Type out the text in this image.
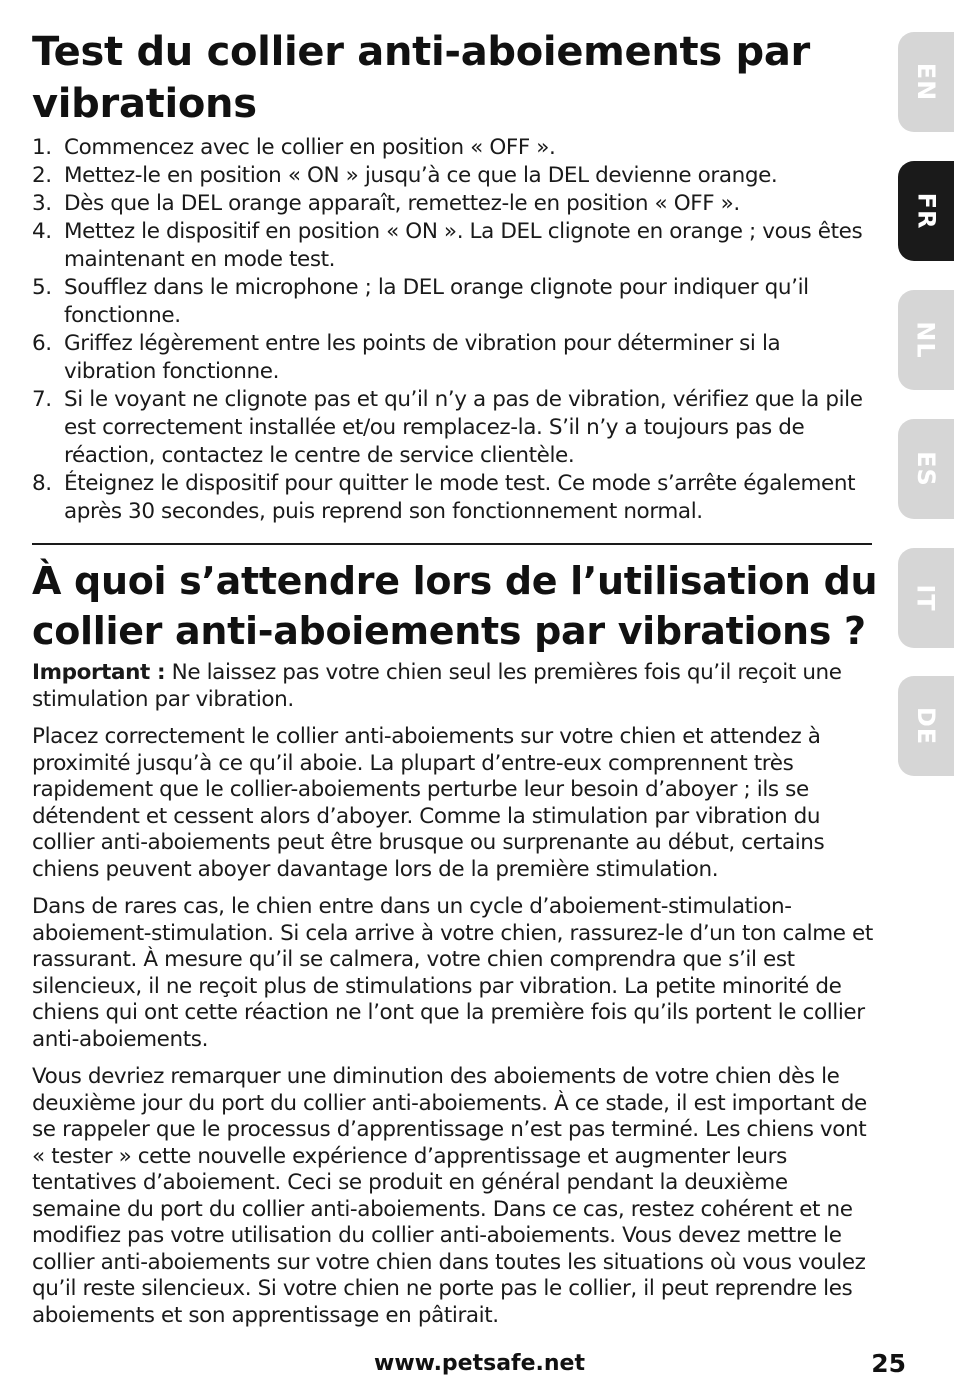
Test du collier anti-aboiements par vibrations
1. Commencez avec le collier en position « OFF ».
2. Mettez-le en position « ON » jusqu’à ce que la DEL devienne orange.
3. Dès que la DEL orange apparaît, remettez-le en position « OFF ».
4. Mettez le dispositif en position « ON ». La DEL clignote en orange ; vous êtes maintenant en mode test.
5. Soufflez dans le microphone ; la DEL orange clignote pour indiquer qu’il fonctionne.
6. Griffez légèrement entre les points de vibration pour déterminer si la vibration fonctionne.
7. Si le voyant ne clignote pas et qu’il n’y a pas de vibration, vérifiez que la pile est correctement installée et/ou remplacez-la. S’il n’y a toujours pas de réaction, contactez le centre de service clientèle.
8. Éteignez le dispositif pour quitter le mode test. Ce mode s’arrête également après 30 secondes, puis reprend son fonctionnement normal.
À quoi s’attendre lors de l’utilisation du collier anti-aboiements par vibrations ?

Important : Ne laissez pas votre chien seul les premières fois qu’il reçoit une stimulation par vibration.

Placez correctement le collier anti-aboiements sur votre chien et attendez à proximité jusqu’à ce qu’il aboie. La plupart d’entre-eux comprennent très rapidement que le collier-aboiements perturbe leur besoin d’aboyer ; ils se détendent et cessent alors d’aboyer. Comme la stimulation par vibration du collier anti-aboiements peut être brusque ou surprenante au début, certains chiens peuvent aboyer davantage lors de la première stimulation.

Dans de rares cas, le chien entre dans un cycle d’aboiement-stimulation-aboiement-stimulation. Si cela arrive à votre chien, rassurez-le d’un ton calme et rassurant. À mesure qu’il se calmera, votre chien comprendra que s’il est silencieux, il ne reçoit plus de stimulations par vibration. La petite minorité de chiens qui ont cette réaction ne l’ont que la première fois qu’ils portent le collier anti-aboiements.

Vous devriez remarquer une diminution des aboiements de votre chien dès le deuxième jour du port du collier anti-aboiements. À ce stade, il est important de se rappeler que le processus d’apprentissage n’est pas terminé. Les chiens vont « tester » cette nouvelle expérience d’apprentissage et augmenter leurs tentatives d’aboiement. Ceci se produit en général pendant la deuxième semaine du port du collier anti-aboiements. Dans ce cas, restez cohérent et ne modifiez pas votre utilisation du collier anti-aboiements. Vous devez mettre le collier anti-aboiements sur votre chien dans toutes les situations où vous voulez qu’il reste silencieux. Si votre chien ne porte pas le collier, il peut reprendre les aboiements et son apprentissage en pâtirait.

EN
FR
NL
ES
IT
DE
www.petsafe.net	25
